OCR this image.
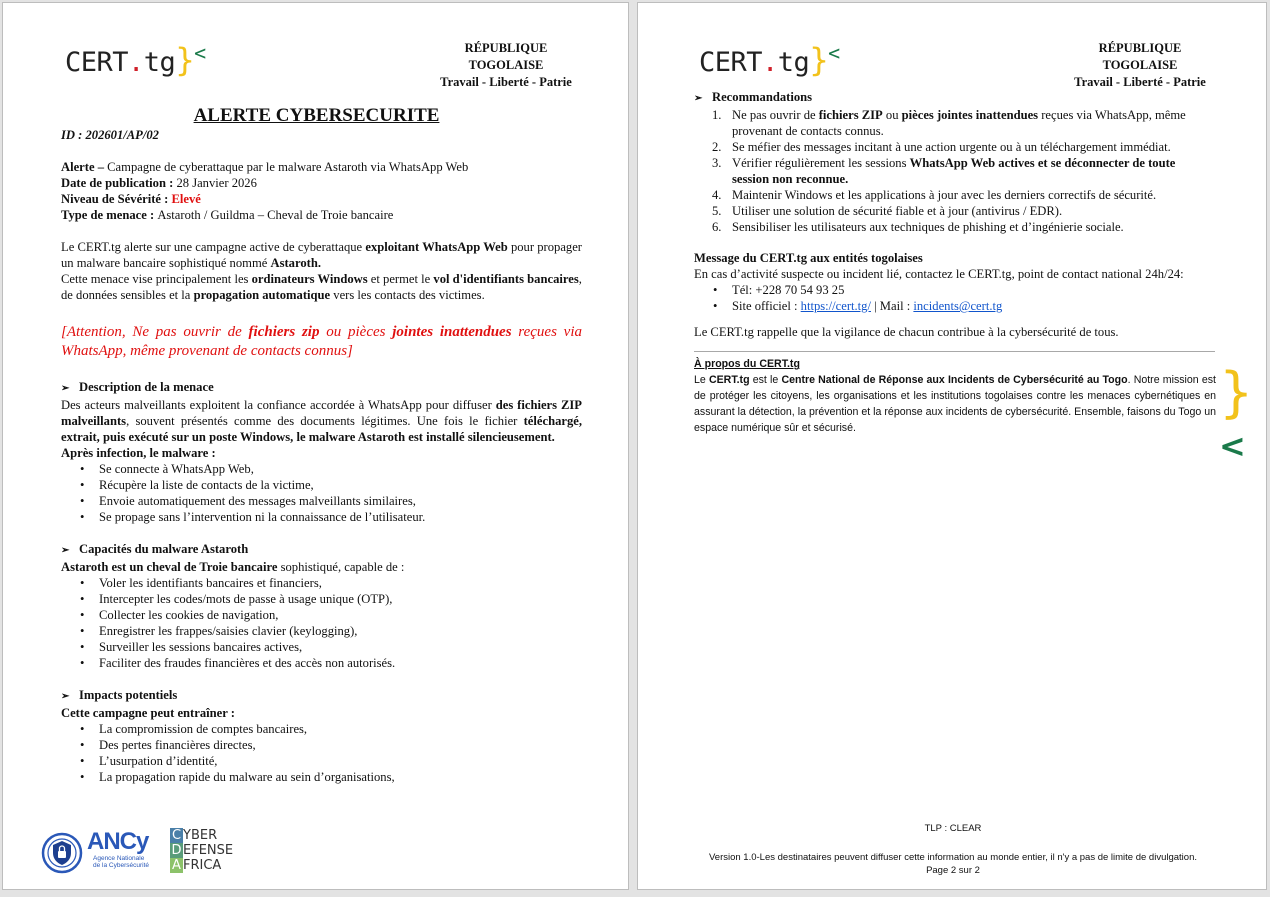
CERT.tg}<	RÉPUBLIQUE TOGOLAISE
Travail - Liberté - Patrie
ALERTE CYBERSECURITE
ID : 202601/AP/02

Alerte – Campagne de cyberattaque par le malware Astaroth via WhatsApp Web

Date de publication : 28 Janvier 2026

Niveau de Sévérité : Elevé

Type de menace : Astaroth / Guildma – Cheval de Troie bancaire

Le CERT.tg alerte sur une campagne active de cyberattaque exploitant WhatsApp Web pour propager un malware bancaire sophistiqué nommé Astaroth.

Cette menace vise principalement les ordinateurs Windows et permet le vol d'identifiants bancaires, de données sensibles et la propagation automatique vers les contacts des victimes.

[Attention, Ne pas ouvrir de fichiers zip ou pièces jointes inattendues reçues via WhatsApp, même provenant de contacts connus]

➢ Description de la menace

Des acteurs malveillants exploitent la confiance accordée à WhatsApp pour diffuser des fichiers ZIP malveillants, souvent présentés comme des documents légitimes. Une fois le fichier téléchargé, extrait, puis exécuté sur un poste Windows, le malware Astaroth est installé silencieusement.

Après infection, le malware :

• Se connecte à WhatsApp Web,
• Récupère la liste de contacts de la victime,
• Envoie automatiquement des messages malveillants similaires,
• Se propage sans l’intervention ni la connaissance de l’utilisateur.

➢ Capacités du malware Astaroth

Astaroth est un cheval de Troie bancaire sophistiqué, capable de :

• Voler les identifiants bancaires et financiers,
• Intercepter les codes/mots de passe à usage unique (OTP),
• Collecter les cookies de navigation,
• Enregistrer les frappes/saisies clavier (keylogging),
• Surveiller les sessions bancaires actives,
• Faciliter des fraudes financières et des accès non autorisés.

➢ Impacts potentiels

Cette campagne peut entraîner :

• La compromission de comptes bancaires,
• Des pertes financières directes,
• L’usurpation d’identité,
• La propagation rapide du malware au sein d’organisations,
ANCy
Agence Nationale
de la Cybersécurité
C YBER
D EFENSE
A FRICA
CERT.tg}<	RÉPUBLIQUE TOGOLAISE
Travail - Liberté - Patrie

➢ Recommandations

1. Ne pas ouvrir de fichiers ZIP ou pièces jointes inattendues reçues via WhatsApp, même provenant de contacts connus.
2. Se méfier des messages incitant à une action urgente ou à un téléchargement immédiat.
3. Vérifier régulièrement les sessions WhatsApp Web actives et se déconnecter de toute session non reconnue.
4. Maintenir Windows et les applications à jour avec les derniers correctifs de sécurité.
5. Utiliser une solution de sécurité fiable et à jour (antivirus / EDR).
6. Sensibiliser les utilisateurs aux techniques de phishing et d’ingénierie sociale.

Message du CERT.tg aux entités togolaises

En cas d’activité suspecte ou incident lié, contactez le CERT.tg, point de contact national 24h/24:

• Tél: +228 70 54 93 25
• Site officiel : https://cert.tg/ | Mail : incidents@cert.tg

Le CERT.tg rappelle que la vigilance de chacun contribue à la cybersécurité de tous.

À propos du CERT.tg

Le CERT.tg est le Centre National de Réponse aux Incidents de Cybersécurité au Togo. Notre mission est de protéger les citoyens, les organisations et les institutions togolaises contre les menaces cybernétiques en assurant la détection, la prévention et la réponse aux incidents de cybersécurité. Ensemble, faisons du Togo un espace numérique sûr et sécurisé.

}<
TLP : CLEAR
Version 1.0-Les destinataires peuvent diffuser cette information au monde entier, il n'y a pas de limite de divulgation.
Page 2 sur 2
